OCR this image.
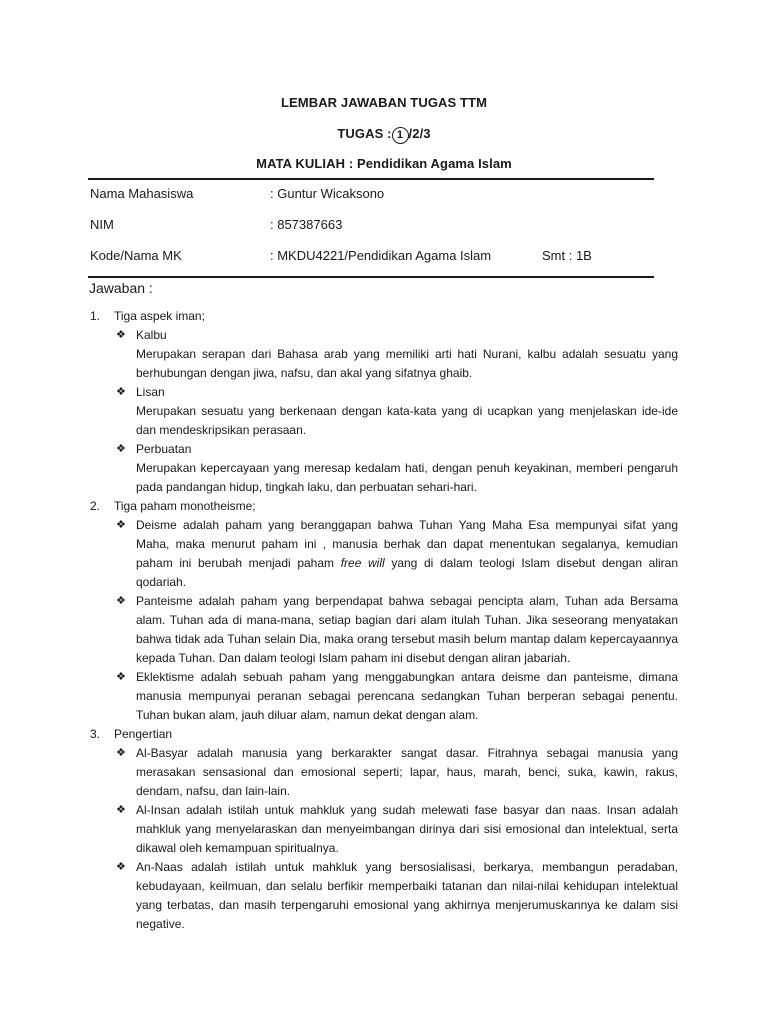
LEMBAR JAWABAN TUGAS TTM
TUGAS : 1 /2/3
MATA KULIAH : Pendidikan Agama Islam
Nama Mahasiswa	: Guntur Wicaksono
NIM	: 857387663
Kode/Nama MK	: MKDU4221/Pendidikan Agama Islam	Smt : 1B
Jawaban :
1. Tiga aspek iman;
❖ Kalbu
Merupakan serapan dari Bahasa arab yang memiliki arti hati Nurani, kalbu adalah sesuatu yang berhubungan dengan jiwa, nafsu, dan akal yang sifatnya ghaib.
❖ Lisan
Merupakan sesuatu yang berkenaan dengan kata-kata yang di ucapkan yang menjelaskan ide-ide dan mendeskripsikan perasaan.
❖ Perbuatan
Merupakan kepercayaan yang meresap kedalam hati, dengan penuh keyakinan, memberi pengaruh pada pandangan hidup, tingkah laku, dan perbuatan sehari-hari.
2. Tiga paham monotheisme;
❖ Deisme adalah paham yang beranggapan bahwa Tuhan Yang Maha Esa mempunyai sifat yang Maha, maka menurut paham ini , manusia berhak dan dapat menentukan segalanya, kemudian paham ini berubah menjadi paham free will yang di dalam teologi Islam disebut dengan aliran qodariah.
❖ Panteisme adalah paham yang berpendapat bahwa sebagai pencipta alam, Tuhan ada Bersama alam. Tuhan ada di mana-mana, setiap bagian dari alam itulah Tuhan. Jika seseorang menyatakan bahwa tidak ada Tuhan selain Dia, maka orang tersebut masih belum mantap dalam kepercayaannya kepada Tuhan. Dan dalam teologi Islam paham ini disebut dengan aliran jabariah.
❖ Eklektisme adalah sebuah paham yang menggabungkan antara deisme dan panteisme, dimana manusia mempunyai peranan sebagai perencana sedangkan Tuhan berperan sebagai penentu. Tuhan bukan alam, jauh diluar alam, namun dekat dengan alam.
3. Pengertian
❖ Al-Basyar adalah manusia yang berkarakter sangat dasar. Fitrahnya sebagai manusia yang merasakan sensasional dan emosional seperti; lapar, haus, marah, benci, suka, kawin, rakus, dendam, nafsu, dan lain-lain.
❖ Al-Insan adalah istilah untuk mahkluk yang sudah melewati fase basyar dan naas. Insan adalah mahkluk yang menyelaraskan dan menyeimbangan dirinya dari sisi emosional dan intelektual, serta dikawal oleh kemampuan spiritualnya.
❖ An-Naas adalah istilah untuk mahkluk yang bersosialisasi, berkarya, membangun peradaban, kebudayaan, keilmuan, dan selalu berfikir memperbaiki tatanan dan nilai-nilai kehidupan intelektual yang terbatas, dan masih terpengaruhi emosional yang akhirnya menjerumuskannya ke dalam sisi negative.
